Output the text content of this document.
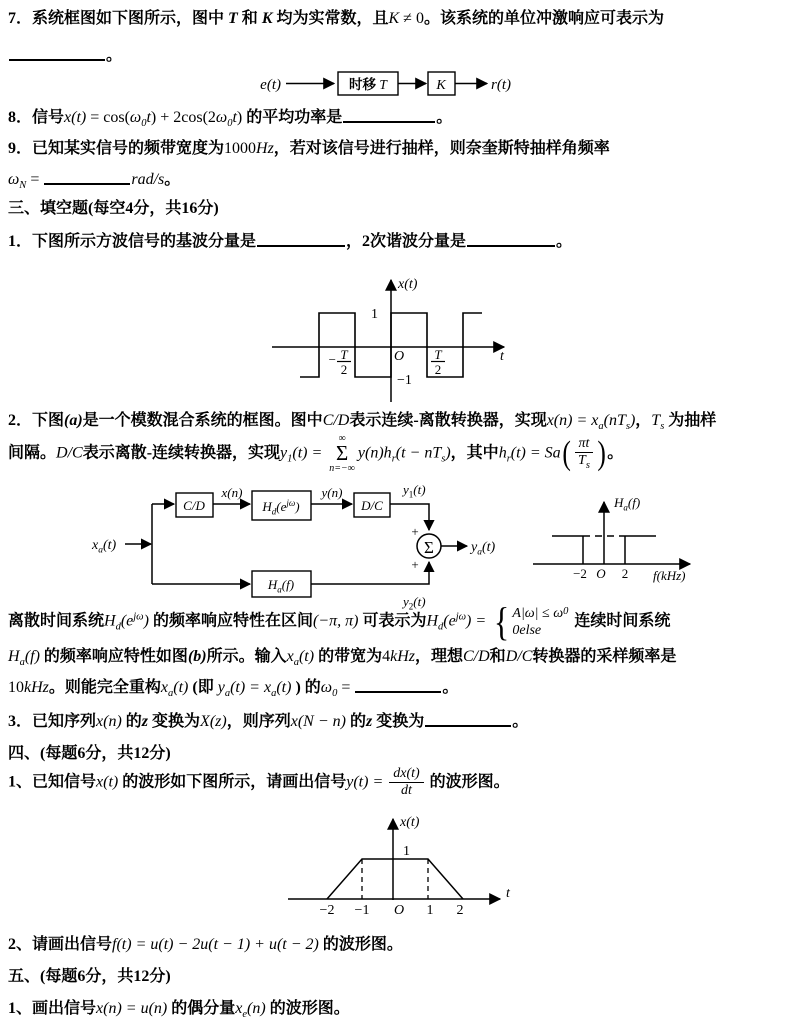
7．系统框图如下图所示，图中 T 和 K 均为实常数，且K ≠ 0。该系统的单位冲激响应可表示为
。
8．信号$x(t) = \cos(\omega_0t) + 2\cos(2\omega_0t)$ 的平均功率是	。
9．已知某实信号的频带宽度为1000Hz，若对该信号进行抽样，则奈奎斯特抽样角频率
$\omega_N$ =	rad/s。
三、填空题(每空4分，共16分)
1．下图所示方波信号的基波分量是	，2次谐波分量是	。
2．下图(a)是一个模数混合系统的框图。图中C/D表示连续-离散转换器，实现$x(n) = x_a(nT_s)$，$T_s$ 为抽样
间隔。D/C表示离散-连续转换器，实现$y_1(t)$ =
∞
Σ
n=−∞
$y(n)h_r(t - nT_s)$，其中$h_r(t) = Sa$ ( $\frac{\pi t}{T_s}$ ) 。
离散时间系统$H_d(e^{j\omega})$ 的频率响应特性在区间(−π, π) 可表示为$H_d(e^{j\omega})$ = { A |ω| ≤ ω 0
0 else
连续时间系统
$H_a(f)$ 的频率响应特性如图(b)所示。输入$x_a(t)$ 的带宽为4kHz，理想C/D和D/C转换器的采样频率是
10kHz。则能完全重构$x_a(t)$ (即 $y_a(t) = x_a(t)$ ) 的$\omega_0$ =	。
3．已知序列x(n) 的z 变换为X(z)，则序列x(N − n) 的z 变换为	。
四、(每题6分，共12分)
1、已知信号x(t) 的波形如下图所示，请画出信号$y(t) = \frac{dx(t)}{dt}$ 的波形图。
2、请画出信号f(t) = u(t) − 2u(t − 1) + u(t − 2) 的波形图。
五、(每题6分，共12分)
1、画出信号x(n) = u(n) 的偶分量$x_e(n)$ 的波形图。
e(t)	时移 T	K	r(t)
x(t)
t
1
−1
O
− T
2
T
2
$x_a(t)$
C/D
x(n)
$H_d(e^{j\omega})$
y(n)
D/C
$y_1(t)$
Σ
+
+
$y_a(t)$
$H_a(f)$
$y_2(t)$
$H_a(f)$
−2 O 2 f(kHz)
x(t)
t
1
−2 −1 O 1 2
